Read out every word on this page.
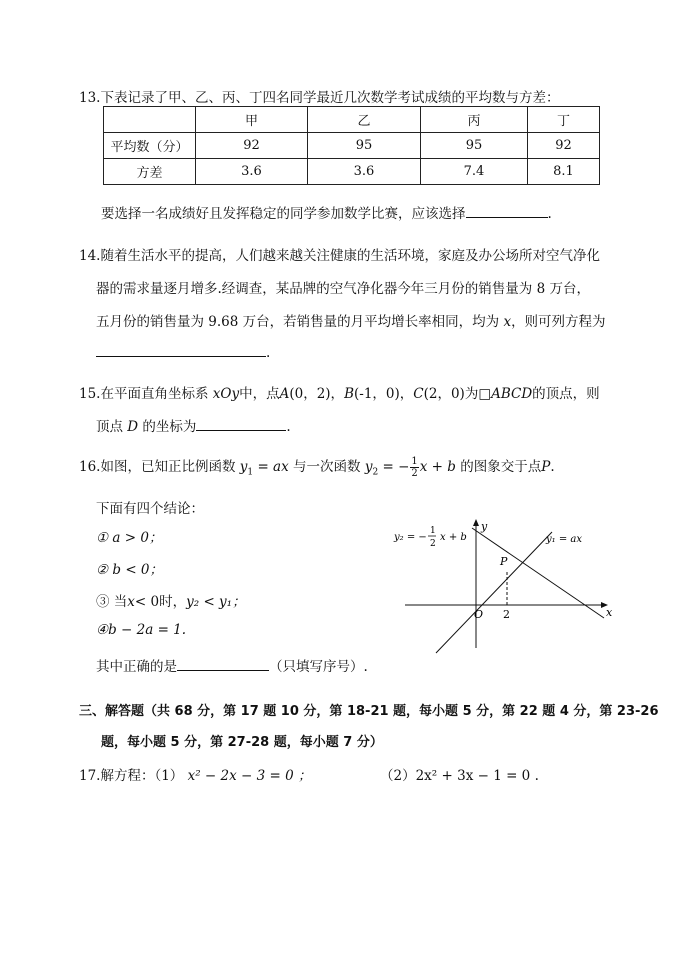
13.下表记录了甲、乙、丙、丁四名同学最近几次数学考试成绩的平均数与方差：
	甲	乙	丙	丁
平均数（分）	92	95	95	92
方差	3.6	3.6	7.4	8.1
要选择一名成绩好且发挥稳定的同学参加数学比赛，应该选择	.
14.随着生活水平的提高，人们越来越关注健康的生活环境，家庭及办公场所对空气净化
器的需求量逐月增多.经调查，某品牌的空气净化器今年三月份的销售量为 8 万台，
五月份的销售量为 9.68 万台，若销售量的月平均增长率相同，均为 x，则可列方程为
.
15.在平面直角坐标系 xOy中，点A(0，2)，B(-1，0)，C(2，0)为□ABCD的顶点，则
顶点 D 的坐标为	.
16.如图，已知正比例函数 $y_1$ = ax 与一次函数 $y_2$ = − $\frac{1}{2}$ x + b 的图象交于点P.
下面有四个结论：
① a > 0；
② b < 0；
③ 当x< 0时，y₂ < y₁；
④b − 2a = 1.
其中正确的是	（只填写序号）.
y₂ = −
1
2
x + b	y₁ = ax
y
x
O 2
P
三、解答题（共 68 分，第 17 题 10 分，第 18-21 题，每小题 5 分，第 22 题 4 分，第 23-26
题，每小题 5 分，第 27-28 题，每小题 7 分）
17.解方程：（1） x² − 2x − 3 = 0 ；	（2）2x² + 3x − 1 = 0 .
